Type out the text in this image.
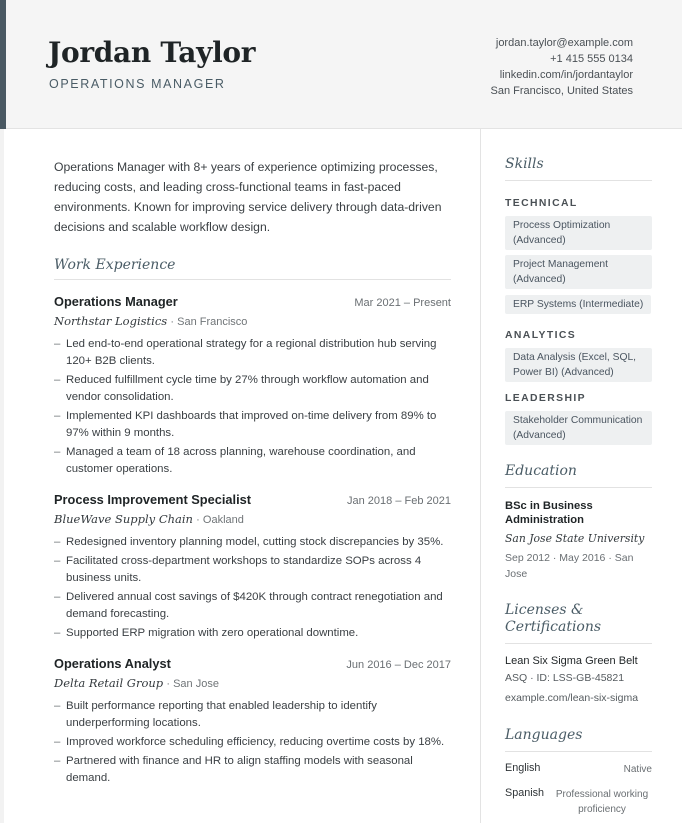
Jordan Taylor
OPERATIONS MANAGER
jordan.taylor@example.com
+1 415 555 0134
linkedin.com/in/jordantaylor
San Francisco, United States

Operations Manager with 8+ years of experience optimizing processes, reducing costs, and leading cross-functional teams in fast-paced environments. Known for improving service delivery through data-driven decisions and scalable workflow design.

Work Experience
Operations Manager	Mar 2021 – Present
Northstar Logistics · San Francisco
– Led end-to-end operational strategy for a regional distribution hub serving 120+ B2B clients.
– Reduced fulfillment cycle time by 27% through workflow automation and vendor consolidation.
– Implemented KPI dashboards that improved on-time delivery from 89% to 97% within 9 months.
– Managed a team of 18 across planning, warehouse coordination, and customer operations.
Process Improvement Specialist	Jan 2018 – Feb 2021
BlueWave Supply Chain · Oakland
– Redesigned inventory planning model, cutting stock discrepancies by 35%.
– Facilitated cross-department workshops to standardize SOPs across 4 business units.
– Delivered annual cost savings of $420K through contract renegotiation and demand forecasting.
– Supported ERP migration with zero operational downtime.
Operations Analyst	Jun 2016 – Dec 2017
Delta Retail Group · San Jose
– Built performance reporting that enabled leadership to identify underperforming locations.
– Improved workforce scheduling efficiency, reducing overtime costs by 18%.
– Partnered with finance and HR to align staffing models with seasonal demand.
Skills
TECHNICAL
Process Optimization (Advanced)
Project Management (Advanced)
ERP Systems (Intermediate)
ANALYTICS
Data Analysis (Excel, SQL, Power BI) (Advanced)
LEADERSHIP
Stakeholder Communication (Advanced)
Education
BSc in Business Administration
San Jose State University
Sep 2012 · May 2016 · San Jose
Licenses & Certifications
Lean Six Sigma Green Belt
ASQ · ID: LSS-GB-45821
example.com/lean-six-sigma
Languages
English	Native
Spanish	Professional working proficiency
